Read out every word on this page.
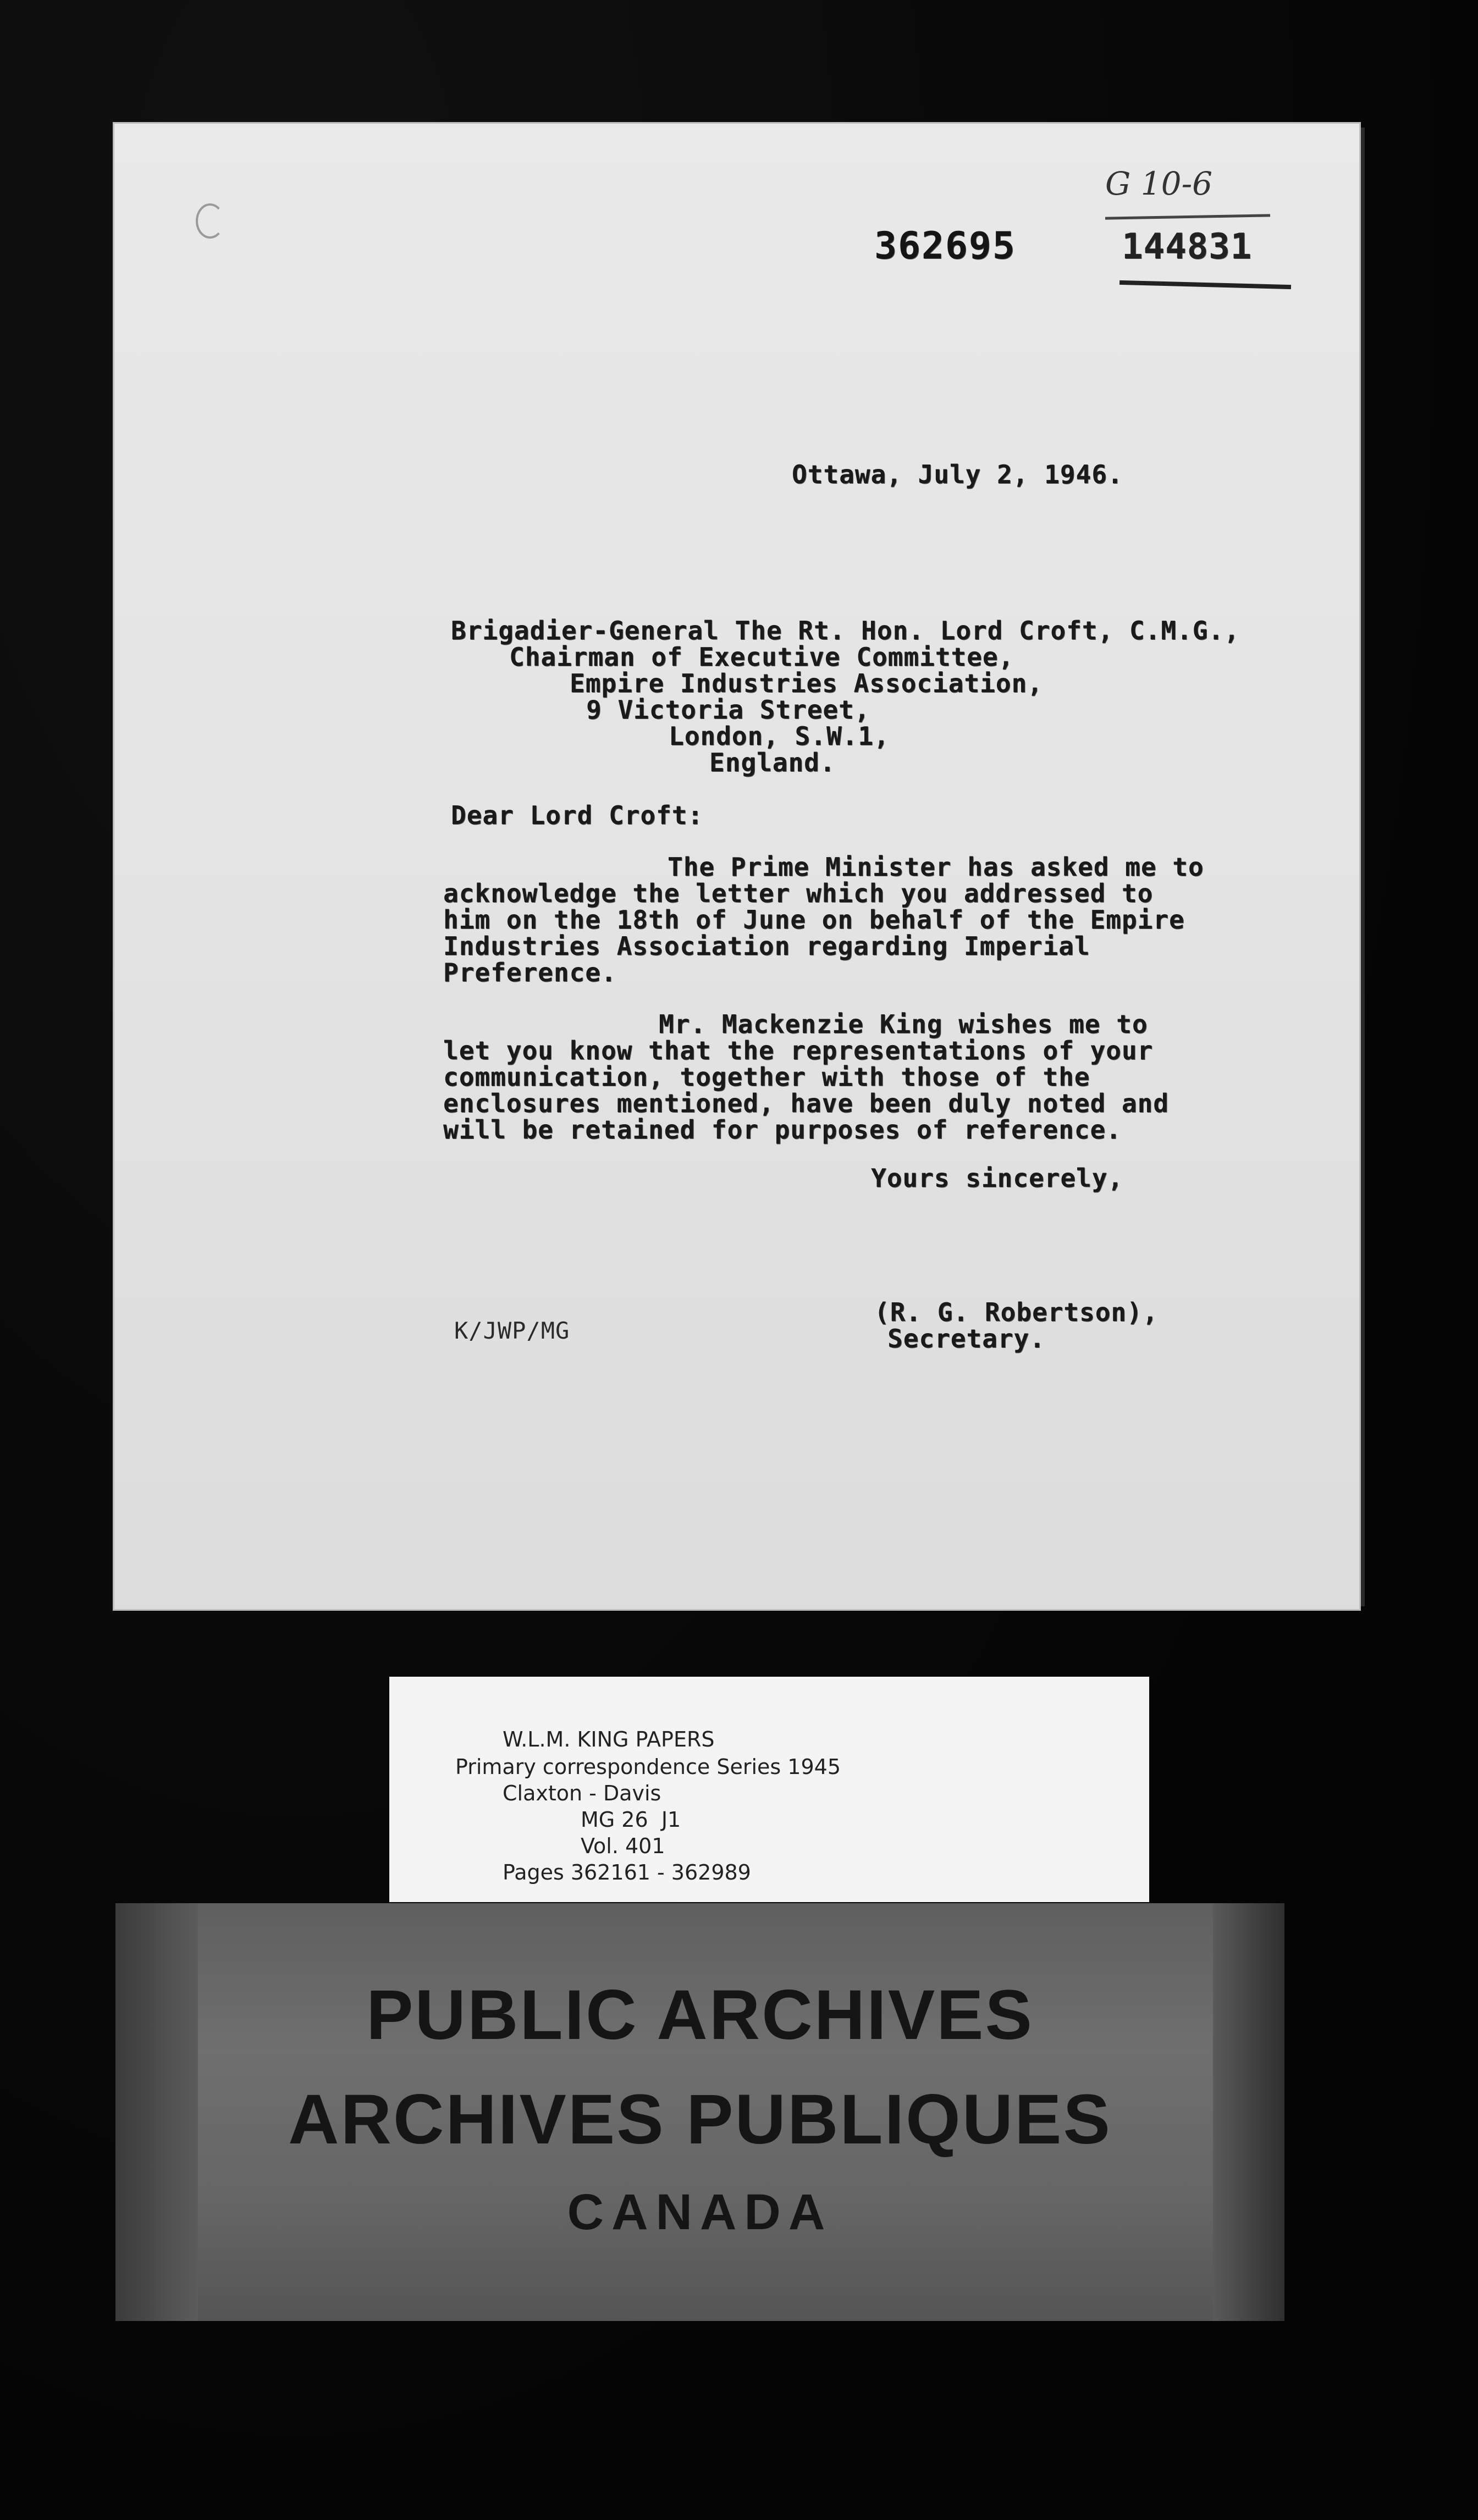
G 10-6
362695	144831
Ottawa, July 2, 1946.
Brigadier-General The Rt. Hon. Lord Croft, C.M.G.,
Chairman of Executive Committee,
Empire Industries Association,
9 Victoria Street,
London, S.W.1,
England.
Dear Lord Croft:
The Prime Minister has asked me to
acknowledge the letter which you addressed to
him on the 18th of June on behalf of the Empire
Industries Association regarding Imperial
Preference.
Mr. Mackenzie King wishes me to
let you know that the representations of your
communication, together with those of the
enclosures mentioned, have been duly noted and
will be retained for purposes of reference.
Yours sincerely,
K/JWP/MG
(R. G. Robertson),
Secretary.
W.L.M. KING PAPERS
Primary correspondence Series 1945
Claxton - Davis
MG 26  J1
Vol. 401
Pages 362161 - 362989
PUBLIC ARCHIVES
ARCHIVES PUBLIQUES
CANADA
